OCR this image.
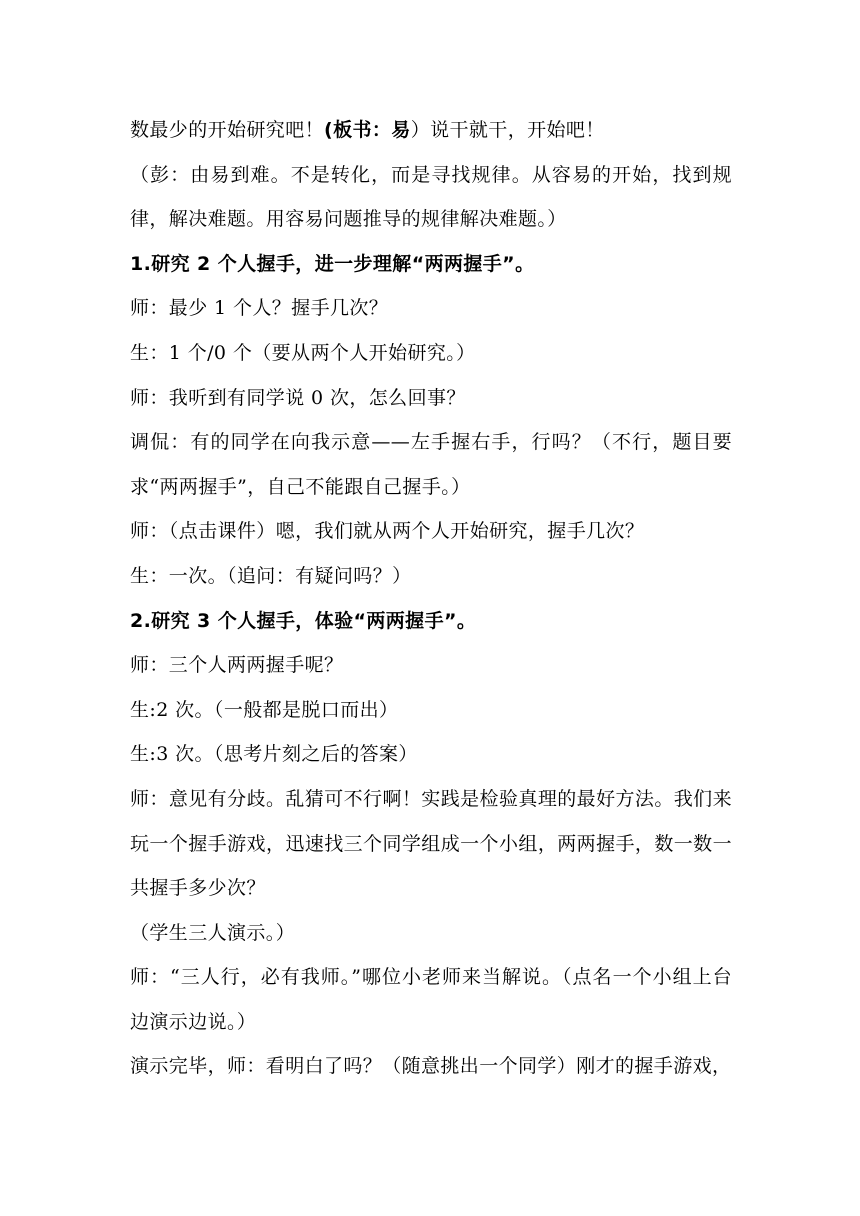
数最少的开始研究吧！(板书：易）说干就干，开始吧！

（彭：由易到难。不是转化，而是寻找规律。从容易的开始，找到规律，解决难题。用容易问题推导的规律解决难题。）

1.研究 2 个人握手，进一步理解“两两握手”。

师：最少 1 个人？握手几次？

生：1 个/0 个（要从两个人开始研究。）

师：我听到有同学说 0 次，怎么回事？

调侃：有的同学在向我示意——左手握右手，行吗？（不行，题目要求“两两握手”，自己不能跟自己握手。）

师：（点击课件）嗯，我们就从两个人开始研究，握手几次？

生：一次。（追问：有疑问吗？）

2.研究 3 个人握手，体验“两两握手”。

师：三个人两两握手呢？

生:2 次。（一般都是脱口而出）

生:3 次。（思考片刻之后的答案）

师：意见有分歧。乱猜可不行啊！实践是检验真理的最好方法。我们来玩一个握手游戏，迅速找三个同学组成一个小组，两两握手，数一数一共握手多少次？

（学生三人演示。）

师：“三人行，必有我师。”哪位小老师来当解说。（点名一个小组上台边演示边说。）

演示完毕，师：看明白了吗？（随意挑出一个同学）刚才的握手游戏，
